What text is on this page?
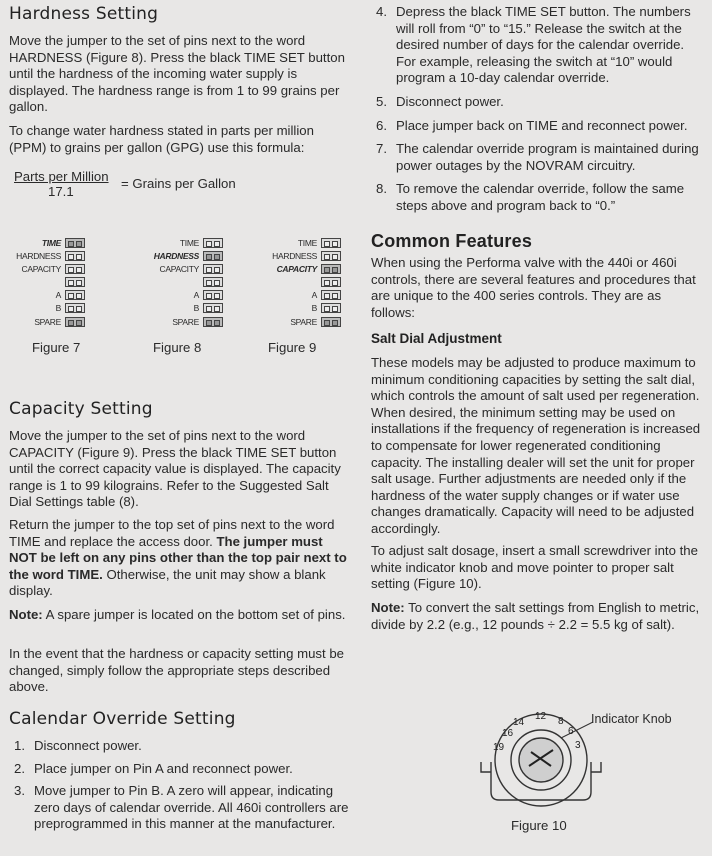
Hardness Setting

Move the jumper to the set of pins next to the word HARDNESS (Figure 8). Press the black TIME SET button until the hardness of the incoming water supply is displayed. The hardness range is from 1 to 99 grains per gallon.

To change water hardness stated in parts per million (PPM) to grains per gallon (GPG) use this formula:

Parts per Million
17.1
= Grains per Gallon
TIME
HARDNESS
CAPACITY
A
B
SPARE
Figure 7
TIME
HARDNESS
CAPACITY
A
B
SPARE
Figure 8
TIME
HARDNESS
CAPACITY
A
B
SPARE
Figure 9
Capacity Setting

Move the jumper to the set of pins next to the word CAPACITY (Figure 9). Press the black TIME SET button until the correct capacity value is displayed. The capacity range is 1 to 99 kilograins. Refer to the Suggested Salt Dial Settings table (8).

Return the jumper to the top set of pins next to the word TIME and replace the access door. The jumper must NOT be left on any pins other than the top pair next to the word TIME. Otherwise, the unit may show a blank display.

Note: A spare jumper is located on the bottom set of pins.

In the event that the hardness or capacity setting must be changed, simply follow the appropriate steps described above.

Calendar Override Setting
1. Disconnect power.
2. Place jumper on Pin A and reconnect power.
3. Move jumper to Pin B. A zero will appear, indicating zero days of calendar override. All 460i controllers are preprogrammed in this manner at the manufacturer.
4. Depress the black TIME SET button. The numbers will roll from “0” to “15.” Release the switch at the desired number of days for the calendar override. For example, releasing the switch at “10” would program a 10-day calendar override.
5. Disconnect power.
6. Place jumper back on TIME and reconnect power.
7. The calendar override program is maintained during power outages by the NOVRAM circuitry.
8. To remove the calendar override, follow the same steps above and program back to “0.”
Common Features

When using the Performa valve with the 440i or 460i controls, there are several features and procedures that are unique to the 400 series controls. They are as follows:

Salt Dial Adjustment

These models may be adjusted to produce maximum to minimum conditioning capacities by setting the salt dial, which controls the amount of salt used per regeneration. When desired, the minimum setting may be used on installations if the frequency of regeneration is increased to compensate for lower regenerated conditioning capacity. The installing dealer will set the unit for proper salt usage. Further adjustments are needed only if the hardness of the water supply changes or if water use changes dramatically. Capacity will need to be adjusted accordingly.

To adjust salt dosage, insert a small screwdriver into the white indicator knob and move pointer to proper salt setting (Figure 10).

Note: To convert the salt settings from English to metric, divide by 2.2 (e.g., 12 pounds ÷ 2.2 = 5.5 kg of salt).

12 8
6
3
14
16
19
Indicator Knob
Figure 10
